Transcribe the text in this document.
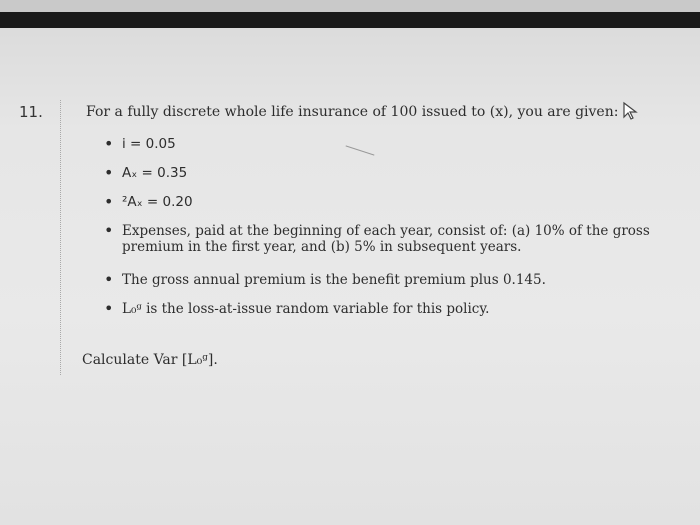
11.	For a fully discrete whole life insurance of 100 issued to (x), you are given:
• i = 0.05
• Aₓ = 0.35
• ²Aₓ = 0.20
• Expenses, paid at the beginning of each year, consist of: (a) 10% of the gross premium in the first year, and (b) 5% in subsequent years.
• The gross annual premium is the benefit premium plus 0.145.
• L₀ᵍ is the loss-at-issue random variable for this policy.
Calculate Var [L₀ᵍ].
